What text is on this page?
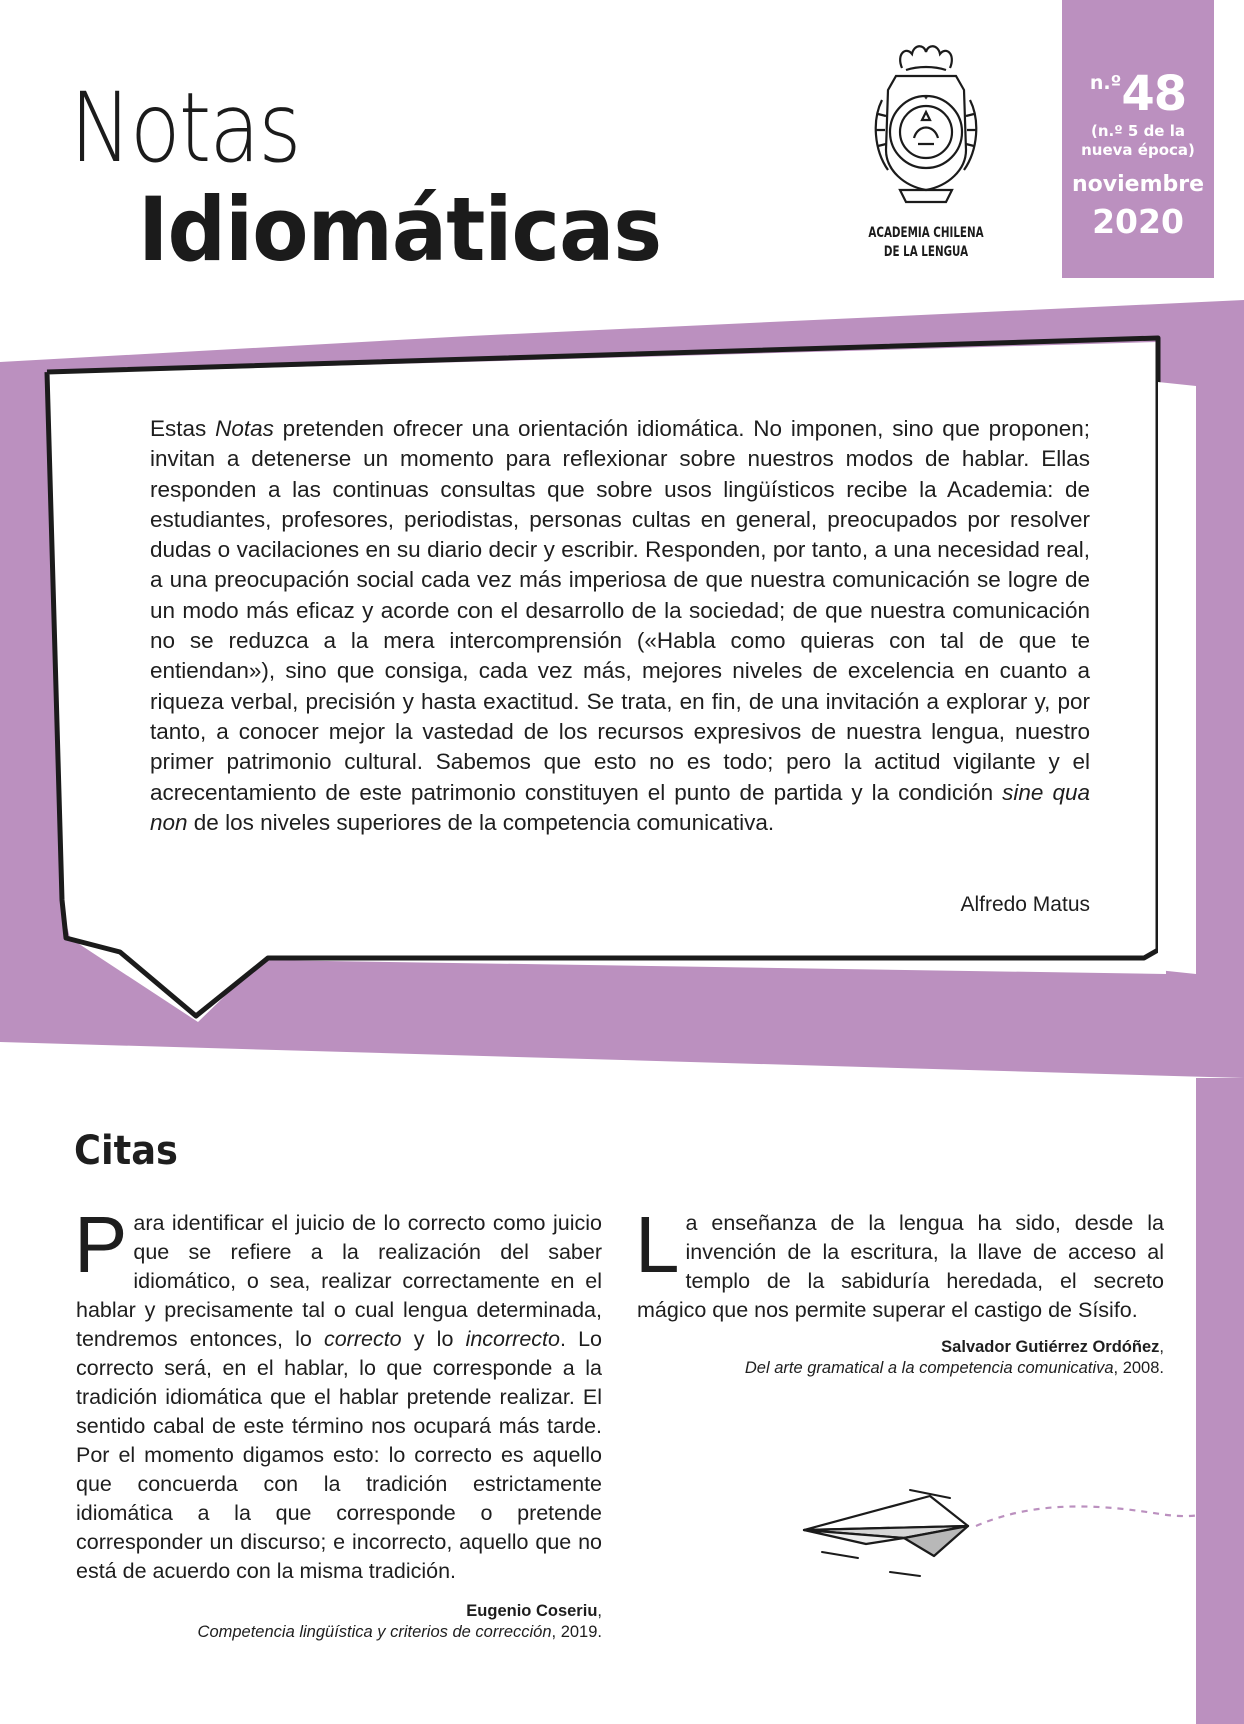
Notas
Idiomáticas
✦
ACADEMIA CHILENA
DE LA LENGUA
n.º48
(n.º 5 de la
nueva época)
noviembre
2020

Estas Notas pretenden ofrecer una orientación idiomática. No imponen, sino que proponen; invitan a detenerse un momento para reflexionar sobre nuestros modos de hablar. Ellas responden a las continuas consultas que sobre usos lingüísticos recibe la Academia: de estudiantes, profesores, periodistas, personas cultas en general, preocupados por resolver dudas o vacilaciones en su diario decir y escribir. Responden, por tanto, a una necesidad real, a una preocupación social cada vez más imperiosa de que nuestra comunicación se logre de un modo más eficaz y acorde con el desarrollo de la sociedad; de que nuestra comunicación no se reduzca a la mera intercomprensión («Habla como quieras con tal de que te entiendan»), sino que consiga, cada vez más, mejores niveles de excelencia en cuanto a riqueza verbal, precisión y hasta exactitud. Se trata, en fin, de una invitación a explorar y, por tanto, a conocer mejor la vastedad de los recursos expresivos de nuestra lengua, nuestro primer patrimonio cultural. Sabemos que esto no es todo; pero la actitud vigilante y el acrecentamiento de este patrimonio constituyen el punto de partida y la condición sine qua non de los niveles superiores de la competencia comunicativa.

Alfredo Matus
Citas

Para identificar el juicio de lo correcto como juicio que se refiere a la realización del saber idiomático, o sea, realizar correctamente en el hablar y precisamente tal o cual lengua determinada, tendremos entonces, lo correcto y lo incorrecto. Lo correcto será, en el hablar, lo que corresponde a la tradición idiomática que el hablar pretende realizar. El sentido cabal de este término nos ocupará más tarde. Por el momento digamos esto: lo correcto es aquello que concuerda con la tradición estrictamente idiomática a la que corresponde o pretende corresponder un discurso; e incorrecto, aquello que no está de acuerdo con la misma tradición.

Eugenio Coseriu,
Competencia lingüística y criterios de corrección, 2019.

La enseñanza de la lengua ha sido, desde la invención de la escritura, la llave de acceso al templo de la sabiduría heredada, el secreto mágico que nos permite superar el castigo de Sísifo.

Salvador Gutiérrez Ordóñez,
Del arte gramatical a la competencia comunicativa, 2008.
